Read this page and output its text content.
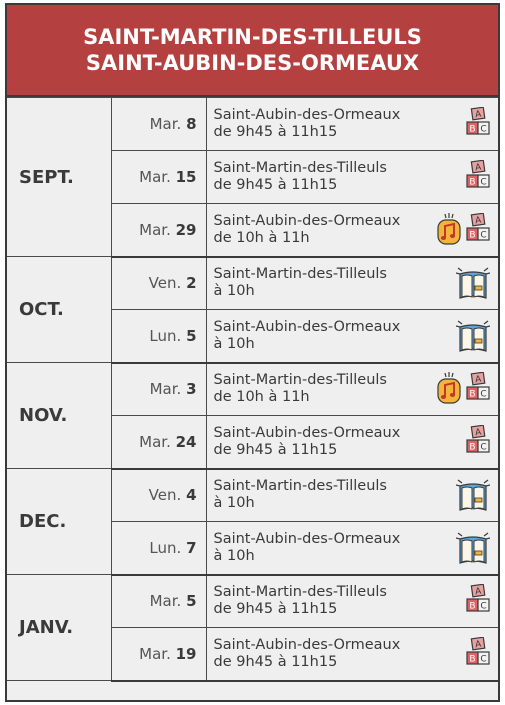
SAINT-MARTIN-DES-TILLEULS
SAINT-AUBIN-DES-ORMEAUX
SEPT.	Mar. 8	Saint-Aubin-des-Ormeaux
de 9h45 à 11h15
A
B C

	Mar. 15	Saint-Martin-des-Tilleuls
de 9h45 à 11h15
A
B C

	Mar. 29	Saint-Aubin-des-Ormeaux
de 10h à 11h
A
B C

OCT.	Ven. 2	Saint-Martin-des-Tilleuls
à 10h

	Lun. 5	Saint-Aubin-des-Ormeaux
à 10h

NOV.	Mar. 3	Saint-Martin-des-Tilleuls
de 10h à 11h
A
B C

	Mar. 24	Saint-Aubin-des-Ormeaux
de 9h45 à 11h15
A
B C

DEC.	Ven. 4	Saint-Martin-des-Tilleuls
à 10h

	Lun. 7	Saint-Aubin-des-Ormeaux
à 10h

JANV.	Mar. 5	Saint-Martin-des-Tilleuls
de 9h45 à 11h15
A
B C

	Mar. 19	Saint-Aubin-des-Ormeaux
de 9h45 à 11h15
A
B C
